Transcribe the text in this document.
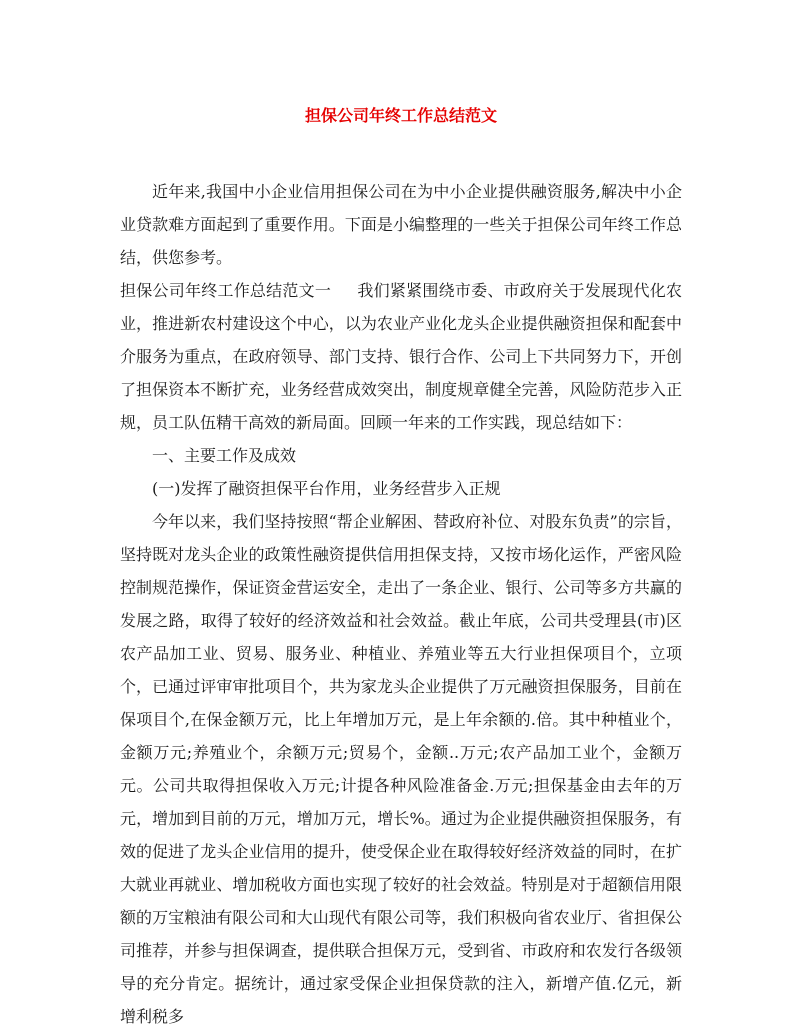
担保公司年终工作总结范文

近年来,我国中小企业信用担保公司在为中小企业提供融资服务,解决中小企业贷款难方面起到了重要作用。下面是小编整理的一些关于担保公司年终工作总结，供您参考。

担保公司年终工作总结范文一 我们紧紧围绕市委、市政府关于发展现代化农业，推进新农村建设这个中心，以为农业产业化龙头企业提供融资担保和配套中介服务为重点，在政府领导、部门支持、银行合作、公司上下共同努力下，开创了担保资本不断扩充，业务经营成效突出，制度规章健全完善，风险防范步入正规，员工队伍精干高效的新局面。回顾一年来的工作实践，现总结如下：

一、主要工作及成效

(一)发挥了融资担保平台作用，业务经营步入正规

今年以来，我们坚持按照“帮企业解困、替政府补位、对股东负责”的宗旨，坚持既对龙头企业的政策性融资提供信用担保支持，又按市场化运作，严密风险控制规范操作，保证资金营运安全，走出了一条企业、银行、公司等多方共赢的发展之路，取得了较好的经济效益和社会效益。截止年底，公司共受理县(市)区农产品加工业、贸易、服务业、种植业、养殖业等五大行业担保项目个，立项个，已通过评审审批项目个，共为家龙头企业提供了万元融资担保服务，目前在保项目个,在保金额万元，比上年增加万元，是上年余额的.倍。其中种植业个，金额万元;养殖业个，余额万元;贸易个，金额..万元;农产品加工业个，金额万元。公司共取得担保收入万元;计提各种风险准备金.万元;担保基金由去年的万元，增加到目前的万元，增加万元，增长%。通过为企业提供融资担保服务，有效的促进了龙头企业信用的提升，使受保企业在取得较好经济效益的同时，在扩大就业再就业、增加税收方面也实现了较好的社会效益。特别是对于超额信用限额的万宝粮油有限公司和大山现代有限公司等，我们积极向省农业厅、省担保公司推荐，并参与担保调查，提供联合担保万元，受到省、市政府和农发行各级领导的充分肯定。据统计，通过家受保企业担保贷款的注入，新增产值.亿元，新增利税多
